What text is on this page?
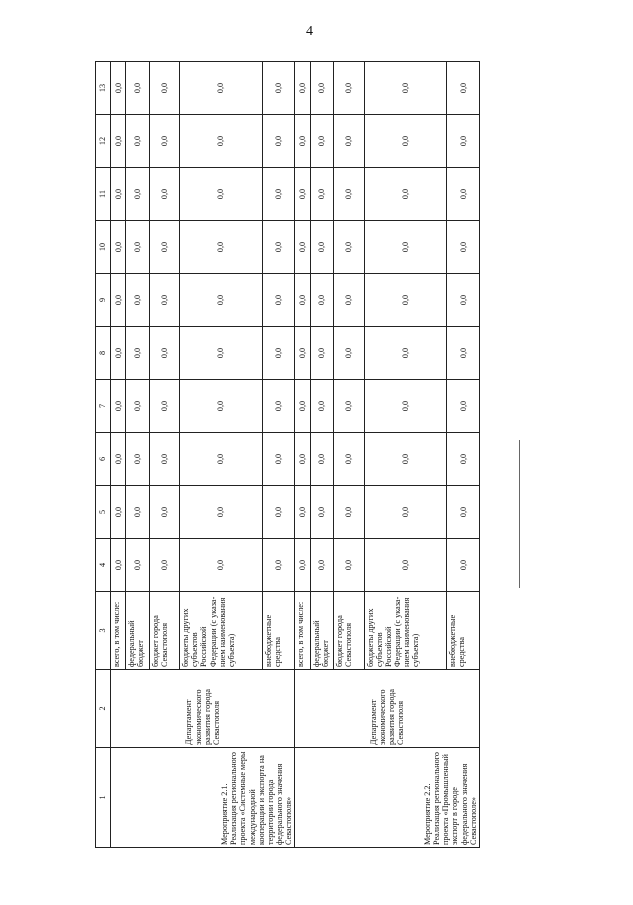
4
1	2	3	4	5	6	7	8	9	10	11	12	13
Мероприятие 2.1. Реализация регионального проекта «Системные меры международной кооперации и экспорта на территории города федерального значения Севастополя»	Департамент экономического развития города Севастополя	всего, в том числе:	0,0	0,0	0,0	0,0	0,0	0,0	0,0	0,0	0,0	0,0
		федеральный бюджет	0,0	0,0	0,0	0,0	0,0	0,0	0,0	0,0	0,0	0,0
		бюджет города Севастополя	0,0	0,0	0,0	0,0	0,0	0,0	0,0	0,0	0,0	0,0
		бюджеты других субъектов Российской Федерации (с указа-нием наименования субъекта)	0,0	0,0	0,0	0,0	0,0	0,0	0,0	0,0	0,0	0,0
		внебюджетные средства	0,0	0,0	0,0	0,0	0,0	0,0	0,0	0,0	0,0	0,0
Мероприятие 2.2. Реализация регионального проекта «Промышленный экспорт в городе федерального значения Севастополе»	Департамент экономического развития города Севастополя	всего, в том числе:	0,0	0,0	0,0	0,0	0,0	0,0	0,0	0,0	0,0	0,0
		федеральный бюджет	0,0	0,0	0,0	0,0	0,0	0,0	0,0	0,0	0,0	0,0
		бюджет города Севастополя	0,0	0,0	0,0	0,0	0,0	0,0	0,0	0,0	0,0	0,0
		бюджеты других субъектов Российской Федерации (с указа-нием наименования субъекта)	0,0	0,0	0,0	0,0	0,0	0,0	0,0	0,0	0,0	0,0
		внебюджетные средства	0,0	0,0	0,0	0,0	0,0	0,0	0,0	0,0	0,0	0,0
